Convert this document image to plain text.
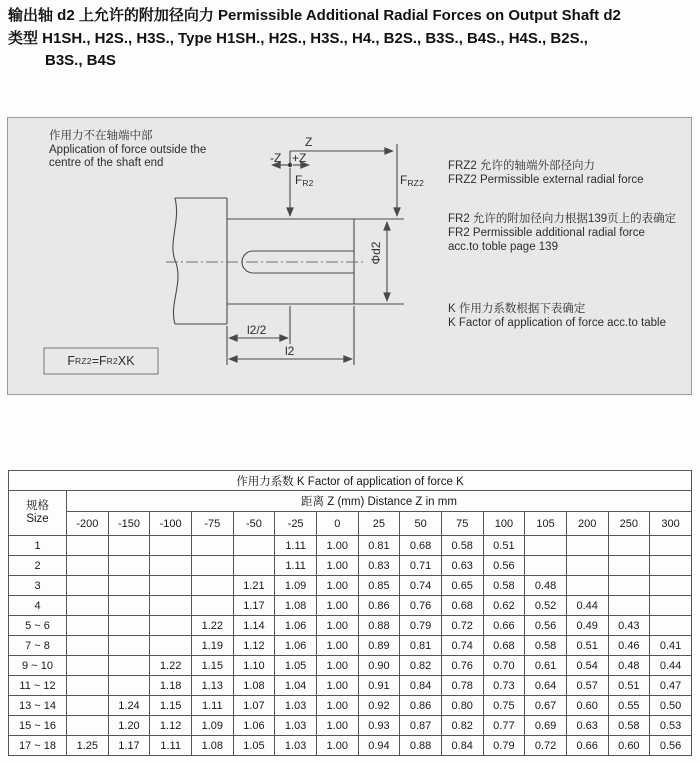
输出轴 d2 上允许的附加径向力 Permissible Additional Radial Forces on Output Shaft d2
类型 H1SH., H2S., H3S., Type H1SH., H2S., H3S., H4., B2S., B3S., B4S., H4S., B2S.,
B3S., B4S
作用力不在轴端中部
Application of force outside the
centre of the shaft end
Z
-Z +Z
$F_{R2}$	$F_{RZ2}$
Φd2
l2/2
l2
F RZ2 =F R2 XK
FRZ2 允许的轴端外部径向力
FRZ2 Permissible external radial force
FR2 允许的附加径向力根据139页上的表确定
FR2 Permissible additional radial force
acc.to toble page 139
K 作用力系数根据下表确定
K Factor of application of force acc.to table
作用力系数 K Factor of application of force K															

规格
Size	距离 Z (mm) Distance Z in mm														
	-200	-150	-100	-75	-50	-25	0	25	50	75	100	105	200	250	300
1						1.11	1.00	0.81	0.68	0.58	0.51				
2						1.11	1.00	0.83	0.71	0.63	0.56				
3					1.21	1.09	1.00	0.85	0.74	0.65	0.58	0.48			
4					1.17	1.08	1.00	0.86	0.76	0.68	0.62	0.52	0.44		
5 ~ 6				1.22	1.14	1.06	1.00	0.88	0.79	0.72	0.66	0.56	0.49	0.43	
7 ~ 8				1.19	1.12	1.06	1.00	0.89	0.81	0.74	0.68	0.58	0.51	0.46	0.41
9 ~ 10			1.22	1.15	1.10	1.05	1.00	0.90	0.82	0.76	0.70	0.61	0.54	0.48	0.44
11 ~ 12			1.18	1.13	1.08	1.04	1.00	0.91	0.84	0.78	0.73	0.64	0.57	0.51	0.47
13 ~ 14		1.24	1.15	1.11	1.07	1.03	1.00	0.92	0.86	0.80	0.75	0.67	0.60	0.55	0.50
15 ~ 16		1.20	1.12	1.09	1.06	1.03	1.00	0.93	0.87	0.82	0.77	0.69	0.63	0.58	0.53
17 ~ 18	1.25	1.17	1.11	1.08	1.05	1.03	1.00	0.94	0.88	0.84	0.79	0.72	0.66	0.60	0.56
